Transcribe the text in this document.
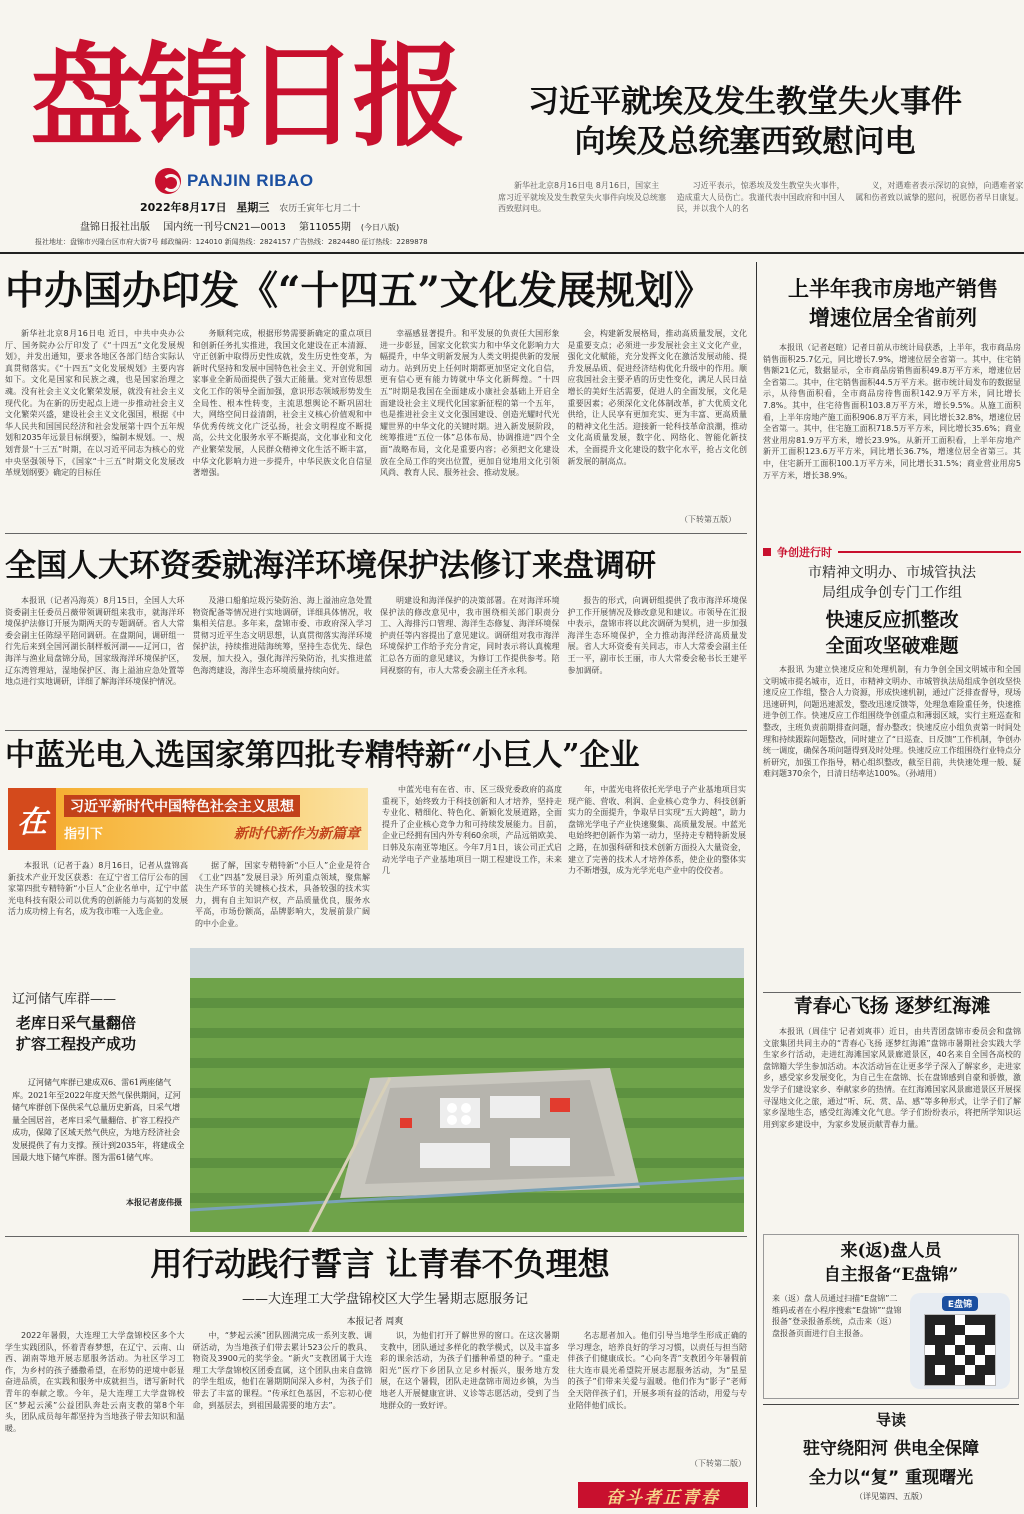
盘锦日报
PANJIN RIBAO
2022年8月17日 星期三 农历壬寅年七月二十
盘锦日报社出版 国内统一刊号CN21—0013 第11055期 (今日八版)
报社地址：盘锦市兴隆台区市府大街7号 邮政编码：124010 新闻热线：2824157 广告热线：2824480 征订热线：2289878
习近平就埃及发生教堂失火事件
向埃及总统塞西致慰问电

新华社北京8月16日电 8月16日，国家主席习近平就埃及发生教堂失火事件向埃及总统塞西致慰问电。

习近平表示，惊悉埃及发生教堂失火事件，造成重大人员伤亡。我谨代表中国政府和中国人民，并以我个人的名

义，对遇难者表示深切的哀悼，向遇难者家属和伤者致以诚挚的慰问，祝愿伤者早日康复。

中办国办印发《“十四五”文化发展规划》

新华社北京8月16日电 近日，中共中央办公厅、国务院办公厅印发了《“十四五”文化发展规划》，并发出通知，要求各地区各部门结合实际认真贯彻落实。《“十四五”文化发展规划》主要内容如下。文化是国家和民族之魂，也是国家治理之魂。没有社会主义文化繁荣发展，就没有社会主义现代化。为在新的历史起点上进一步推动社会主义文化繁荣兴盛，建设社会主义文化强国，根据《中华人民共和国国民经济和社会发展第十四个五年规划和2035年远景目标纲要》，编制本规划。一、规划背景“十三五”时期，在以习近平同志为核心的党中央坚强领导下，《国家“十三五”时期文化发展改革规划纲要》确定的目标任

务顺利完成，根据形势需要新确定的重点项目和创新任务扎实推进，我国文化建设在正本清源、守正创新中取得历史性成就，发生历史性变革，为新时代坚持和发展中国特色社会主义、开创党和国家事业全新局面提供了强大正能量。党对宣传思想文化工作的领导全面加强，意识形态领域形势发生全局性、根本性转变，主流思想舆论不断巩固壮大，网络空间日益清朗，社会主义核心价值观和中华优秀传统文化广泛弘扬，社会文明程度不断提高，公共文化服务水平不断提高，文化事业和文化产业繁荣发展，人民群众精神文化生活不断丰富，中华文化影响力进一步提升，中华民族文化自信显著增强。

幸福感显著提升。和平发展的负责任大国形象进一步彰显，国家文化软实力和中华文化影响力大幅提升，中华文明新发展为人类文明提供新的发展动力。站到历史上任何时期都更加坚定文化自信，更有信心更有能力铸就中华文化新辉煌。“十四五”时期是我国在全面建成小康社会基础上开启全面建设社会主义现代化国家新征程的第一个五年，也是推进社会主义文化强国建设、创造光耀时代光耀世界的中华文化的关键时期。进入新发展阶段，统筹推进“五位一体”总体布局、协调推进“四个全面”战略布局，文化是重要内容；必须把文化建设放在全局工作的突出位置，更加自觉地用文化引领风尚、教育人民、服务社会、推动发展。

会，构建新发展格局，推动高质量发展，文化是重要支点；必须进一步发展社会主义文化产业，强化文化赋能，充分发挥文化在激活发展动能、提升发展品质、促进经济结构优化升级中的作用。顺应我国社会主要矛盾的历史性变化，满足人民日益增长的美好生活需要，促进人的全面发展，文化是重要因素；必须深化文化体制改革，扩大优质文化供给，让人民享有更加充实、更为丰富、更高质量的精神文化生活。迎接新一轮科技革命浪潮，推动文化高质量发展，数字化、网络化、智能化新技术，全面提升文化建设的数字化水平，抢占文化创新发展的制高点。

（下转第五版）
全国人大环资委就海洋环境保护法修订来盘调研

本报讯（记者冯海英）8月15日，全国人大环资委副主任委员吕薇带领调研组来我市，就海洋环境保护法修订开展为期两天的专题调研。省人大常委会副主任陈绿平陪同调研。在盘期间，调研组一行先后来到全国河湖长制样板河湖——辽河口，省海洋与渔业局盘锦分局，国家级海洋环境保护区，辽东湾管理站，湿地保护区、海上溢油应急处置等地点进行实地调研，详细了解海洋环境保护情况。

及港口船舶垃圾污染防治、海上溢油应急处置物资配备等情况进行实地调研，详细具体情况，收集相关信息。多年来，盘锦市委、市政府深入学习贯彻习近平生态文明思想，认真贯彻落实海洋环境保护法，持续推进陆海统筹，坚持生态优先、绿色发展，加大投入，强化海洋污染防治，扎实推进蓝色海湾建设，海洋生态环境质量持续向好。

明建设和海洋保护的决策部署。在对海洋环境保护法的修改意见中，我市围绕相关部门职责分工、入海排污口管理、海洋生态修复、海洋环境保护责任等内容提出了意见建议。调研组对我市海洋环境保护工作给予充分肯定，同时表示将认真梳理汇总各方面的意见建议，为修订工作提供参考。陪同视察的有，市人大常委会副主任齐永利。

报告的形式，向调研组提供了我市海洋环境保护工作开展情况及修改意见和建议。市领导在汇报中表示，盘锦市将以此次调研为契机，进一步加强海洋生态环境保护，全力推动海洋经济高质量发展。省人大环资委有关同志，市人大常委会副主任王一平，副市长王丽，市人大常委会秘书长王建平参加调研。

中蓝光电入选国家第四批专精特新“小巨人”企业
在	习近平新时代中国特色社会主义思想
指引下	新时代新作为新篇章
本报讯（记者于淼）8月16日，记者从盘锦高新技术产业开发区获悉：在辽宁省工信厅公布的国家第四批专精特新“小巨人”企业名单中，辽宁中蓝光电科技有限公司以优秀的创新能力与高韧的发展活力成功榜上有名，成为我市唯一入选企业。
据了解，国家专精特新“小巨人”企业是符合《工业“四基”发展目录》所列重点领域，聚焦解决生产环节的关键核心技术，具备较强的技术实力，拥有自主知识产权，产品质量优良，服务水平高，市场份额高，品牌影响大，发展前景广阔的中小企业。
中蓝光电有在省、市、区三级党委政府的高度重视下，始终致力于科技创新和人才培养，坚持走专业化、精细化、特色化、新颖化发展道路，全面提升了企业核心竞争力和可持续发展能力。目前，企业已经拥有国内外专利60余项，产品远销欧美、日韩及东南亚等地区。今年7月1日，该公司正式启动光学电子产业基地项目一期工程建设工作，未来几
年，中蓝光电将依托光学电子产业基地项目实现产能、营收、利润、企业核心竞争力、科技创新实力的全面提升，争取早日实现“五大跨越”，助力盘锦光学电子产业快速聚集、高质量发展。中蓝光电始终把创新作为第一动力，坚持走专精特新发展之路，在加强科研和技术创新方面投入大量资金，建立了完善的技术人才培养体系，使企业的整体实力不断增强，成为光学光电产业中的佼佼者。
辽河储气库群——
老库日采气量翻倍
扩容工程投产成功
辽河储气库群已建成双6、雷61两座储气库。2021年至2022年度天然气保供期间，辽河储气库群创下保供采气总量历史新高，日采气增量全国居首，老库日采气量翻倍、扩容工程投产成功，保障了区域天然气供应，为地方经济社会发展提供了有力支撑。预计到2035年，将建成全国最大地下储气库群。图为雷61储气库。
本报记者庞伟摄
用行动践行誓言 让青春不负理想
——大连理工大学盘锦校区大学生暑期志愿服务记
本报记者 周爽

2022年暑假，大连理工大学盘锦校区多个大学生实践团队，怀着青春梦想，在辽宁、云南、山西、湖南等地开展志愿服务活动。为社区学习工作，为乡村的孩子播撒希望，在形势的逆境中彰显奋进品质，在实践和服务中成就担当，谱写新时代青年的奉献之歌。今年，是大连理工大学盘锦校区“梦起云溪”公益团队奔赴云南支教的第8个年头，团队成员每年都坚持为当地孩子带去知识和温暖。

中，“梦起云溪”团队圆满完成一系列支教、调研活动，为当地孩子们带去累计523公斤的教具、物资及3900元的奖学金。“新火”支教团属于大连理工大学盘锦校区团委直属，这个团队由来自盘锦的学生组成，他们在暑期期间深入乡村，为孩子们带去了丰富的课程。“传承红色基因，不忘初心使命，到基层去，到祖国最需要的地方去”。

识，为他们打开了解世界的窗口。在这次暑期支教中，团队通过多样化的教学模式，以及丰富多彩的课余活动，为孩子们播种希望的种子。“重走阳光”医疗下乡团队立足乡村振兴，服务地方发展，在这个暑假，团队走进盘锦市周边乡镇，为当地老人开展健康宣讲、义诊等志愿活动，受到了当地群众的一致好评。

名志愿者加入。他们引导当地学生形成正确的学习理念，培养良好的学习习惯，以责任与担当陪伴孩子们健康成长。“心向冬青”支教团今年暑假前往大连市晨光希望院开展志愿服务活动，为“星星的孩子”们带来关爱与温暖。他们作为“影子”老师全天陪伴孩子们，开展多项有益的活动，用爱与专业陪伴他们成长。

（下转第二版）
奋斗者正青春
上半年我市房地产销售
增速位居全省前列
本报讯（记者赵暄）记者日前从市统计局获悉，上半年，我市商品房销售面积25.7亿元，同比增长7.9%，增速位居全省第一。其中，住宅销售额21亿元，数据显示，全市商品房销售面积49.8万平方米，增速位居全省第二。其中，住宅销售面积44.5万平方米。据市统计局发布的数据显示，从待售面积看，全市商品房待售面积142.9万平方米，同比增长7.8%。其中，住宅待售面积103.8万平方米，增长9.5%。从施工面积看，上半年房地产施工面积906.8万平方米，同比增长32.8%，增速位居全省第一。其中，住宅施工面积718.5万平方米，同比增长35.6%；商业营业用房81.9万平方米，增长23.9%。从新开工面积看，上半年房地产新开工面积123.6万平方米，同比增长36.7%，增速位居全省第三。其中，住宅新开工面积100.1万平方米，同比增长31.5%；商业营业用房5万平方米，增长38.9%。
争创进行时
市精神文明办、市城管执法
局组成争创专门工作组
快速反应抓整改
全面攻坚破难题
本报讯 为建立快速反应和处理机制，有力争创全国文明城市和全国文明城市提名城市，近日，市精神文明办、市城管执法局组成争创攻坚快速反应工作组，整合人力资源，形成快速机制，通过广泛排查督导，现场迅速研判，问题迅速派发，整改迅速反馈等，处理急难险重任务，快速推进争创工作。快速反应工作组围绕争创重点和薄弱区域，实行主班巡查和整改，主班负责前期排查问题，督办整改；快速反应小组负责第一时间处理和持续跟踪问题整改，同时建立了“日巡查、日反馈”工作机制，争创办统一调度，确保各项问题得到及时处理。快速反应工作组围绕行业特点分析研究，加强工作指导，精心组织整改，截至目前，共快速处理一般、疑难问题370余个，日清日结率达100%。（孙靖用）
青春心飞扬 逐梦红海滩
本报讯（周佳宁 记者刘爽菲）近日，由共青团盘锦市委员会和盘锦文旅集团共同主办的“青春心飞扬 逐梦红海滩”盘锦市暑期社会实践大学生家乡行活动，走进红海滩国家风景廊道景区，40名来自全国各高校的盘锦籍大学生参加活动。本次活动旨在让更多学子深入了解家乡，走进家乡，感受家乡发展变化，为自己生在盘锦、长在盘锦感到自豪和骄傲，激发学子们建设家乡、奉献家乡的热情。在红海滩国家风景廊道景区开展探寻湿地文化之旅，通过“听、玩、赏、品、感”等多种形式，让学子们了解家乡湿地生态，感受红海滩文化气息。学子们纷纷表示，将把所学知识运用到家乡建设中，为家乡发展贡献青春力量。
来(返)盘人员
自主报备“E盘锦”
来（返）盘人员通过扫描“E盘锦”二维码或者在小程序搜索“E盘锦”“盘锦报备”登录报备系统，点击来（返）盘报备页面进行自主报备。
E盘锦
导读
驻守绕阳河 供电全保障
全力以“复” 重现曙光
（详见第四、五版）
